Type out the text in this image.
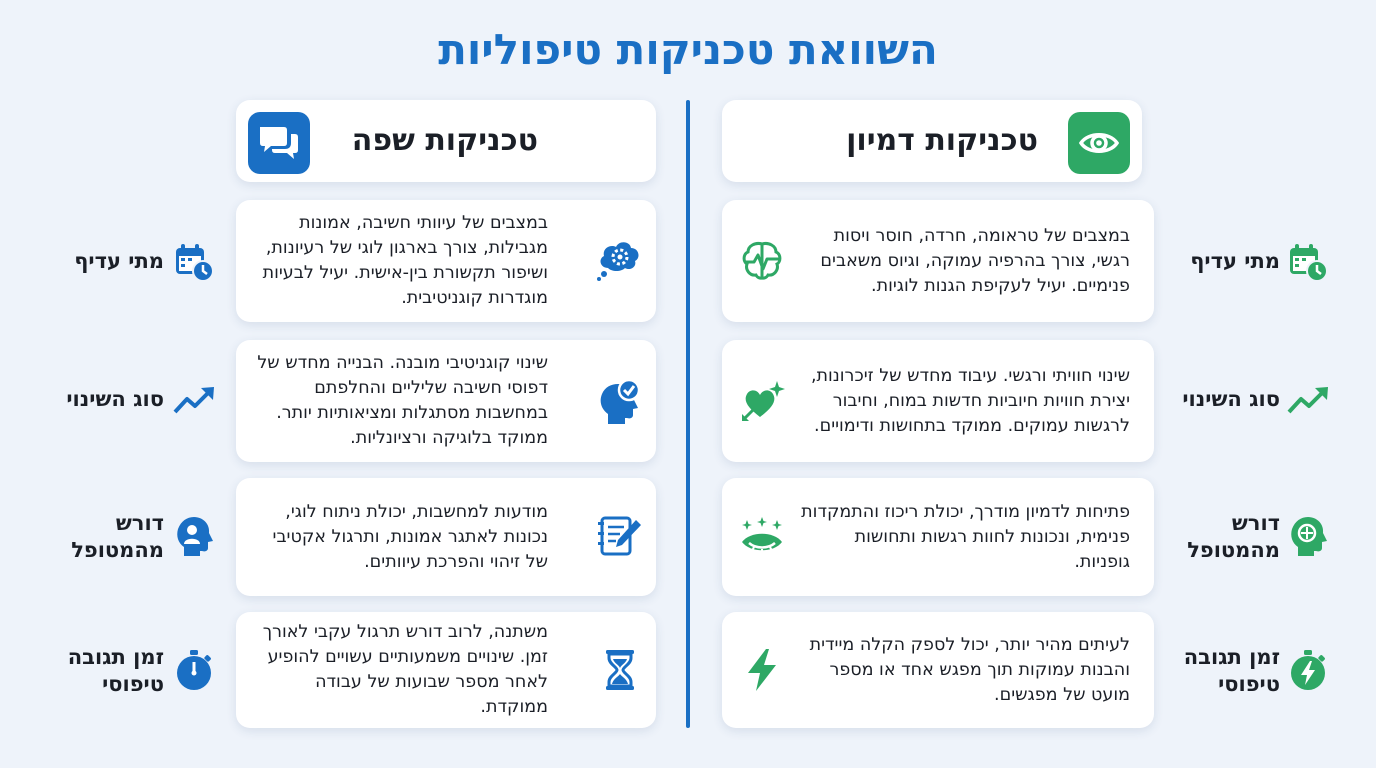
השוואת טכניקות טיפוליות
טכניקות דמיון
במצבים של טראומה, חרדה, חוסר ויסות רגשי, צורך בהרפיה עמוקה, וגיוס משאבים פנימיים. יעיל לעקיפת הגנות לוגיות.
מתי עדיף
שינוי חוויתי ורגשי. עיבוד מחדש של זיכרונות, יצירת חוויות חיוביות חדשות במוח, וחיבור לרגשות עמוקים. ממוקד בתחושות ודימויים.
סוג השינוי
פתיחות לדמיון מודרך, יכולת ריכוז והתמקדות פנימית, ונכונות לחוות רגשות ותחושות גופניות.
דורש מהמטופל
לעיתים מהיר יותר, יכול לספק הקלה מיידית והבנות עמוקות תוך מפגש אחד או מספר מועט של מפגשים.
זמן תגובה טיפוסי
טכניקות שפה
במצבים של עיוותי חשיבה, אמונות מגבילות, צורך בארגון לוגי של רעיונות, ושיפור תקשורת בין-אישית. יעיל לבעיות מוגדרות קוגניטיבית.
מתי עדיף
שינוי קוגניטיבי מובנה. הבנייה מחדש של דפוסי חשיבה שליליים והחלפתם במחשבות מסתגלות ומציאותיות יותר. ממוקד בלוגיקה ורציונליות.
סוג השינוי
מודעות למחשבות, יכולת ניתוח לוגי, נכונות לאתגר אמונות, ותרגול אקטיבי של זיהוי והפרכת עיוותים.
דורש מהמטופל
משתנה, לרוב דורש תרגול עקבי לאורך זמן. שינויים משמעותיים עשויים להופיע לאחר מספר שבועות של עבודה ממוקדת.
זמן תגובה טיפוסי
